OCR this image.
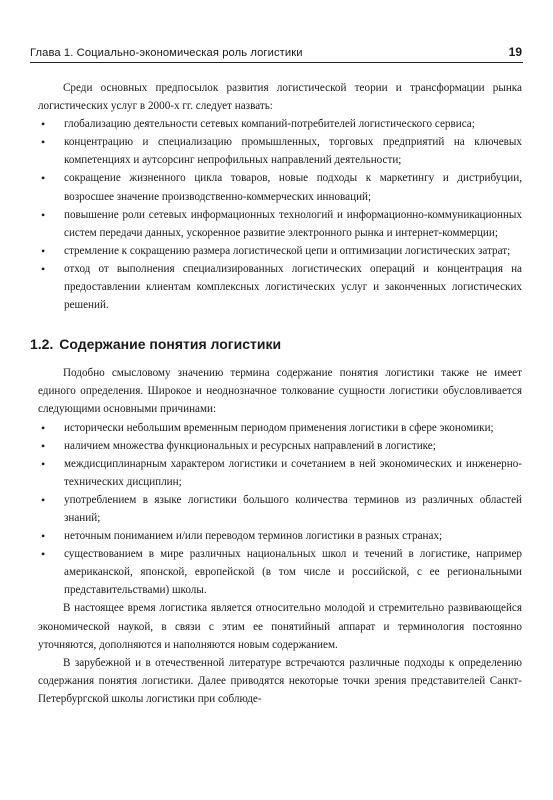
Глава 1. Социально-экономическая роль логистики	19

Среди основных предпосылок развития логистической теории и трансформации рынка логистических услуг в 2000-х гг. следует назвать:

• глобализацию деятельности сетевых компаний-потребителей логистического сервиса;
• концентрацию и специализацию промышленных, торговых предприятий на ключевых компетенциях и аутсорсинг непрофильных направлений деятельности;
• сокращение жизненного цикла товаров, новые подходы к маркетингу и дистрибуции, возросшее значение производственно-коммерческих инноваций;
• повышение роли сетевых информационных технологий и информационно-коммуникационных систем передачи данных, ускоренное развитие электронного рынка и интернет-коммерции;
• стремление к сокращению размера логистической цепи и оптимизации логистических затрат;
• отход от выполнения специализированных логистических операций и концентрация на предоставлении клиентам комплексных логистических услуг и законченных логистических решений.
1.2. Содержание понятия логистики

Подобно смысловому значению термина содержание понятия логистики также не имеет единого определения. Широкое и неоднозначное толкование сущности логистики обусловливается следующими основными причинами:

• исторически небольшим временным периодом применения логистики в сфере экономики;
• наличием множества функциональных и ресурсных направлений в логистике;
• междисциплинарным характером логистики и сочетанием в ней экономических и инженерно-технических дисциплин;
• употреблением в языке логистики большого количества терминов из различных областей знаний;
• неточным пониманием и/или переводом терминов логистики в разных странах;
• существованием в мире различных национальных школ и течений в логистике, например американской, японской, европейской (в том числе и российской, с ее региональными представительствами) школы.

В настоящее время логистика является относительно молодой и стремительно развивающейся экономической наукой, в связи с этим ее понятийный аппарат и терминология постоянно уточняются, дополняются и наполняются новым содержанием.

В зарубежной и в отечественной литературе встречаются различные подходы к определению содержания понятия логистики. Далее приводятся некоторые точки зрения представителей Санкт-Петербургской школы логистики при соблюде-
